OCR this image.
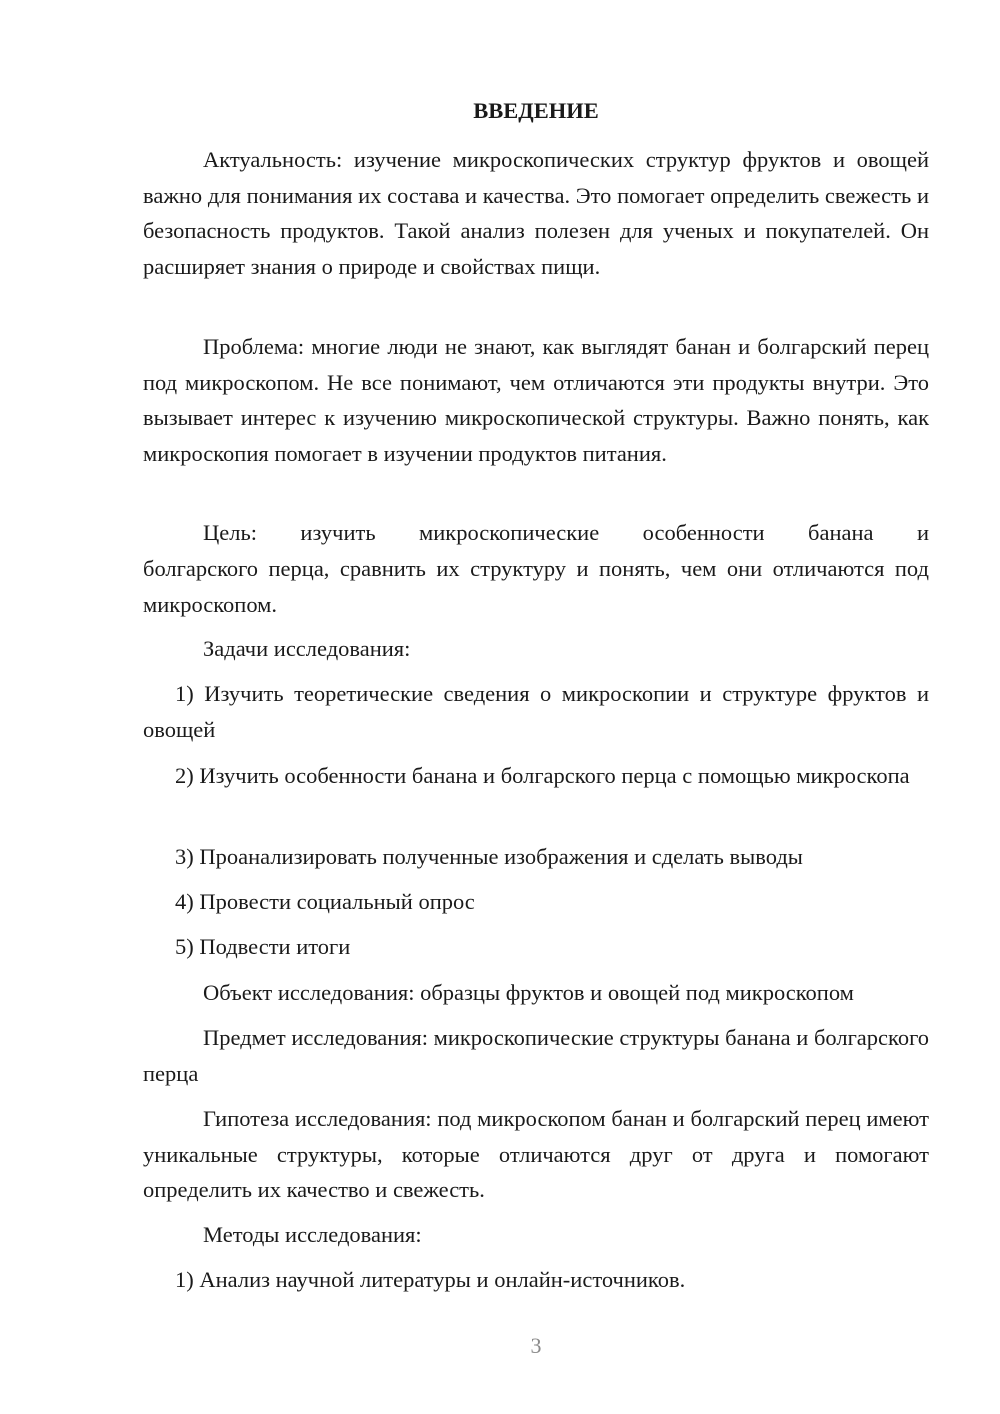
ВВЕДЕНИЕ

Актуальность: изучение микроскопических структур фруктов и овощей важно для понимания их состава и качества. Это помогает определить свежесть и безопасность продуктов. Такой анализ полезен для ученых и покупателей. Он расширяет знания о природе и свойствах пищи.

Проблема: многие люди не знают, как выглядят банан и болгарский перец под микроскопом. Не все понимают, чем отличаются эти продукты внутри. Это вызывает интерес к изучению микроскопической структуры. Важно понять, как микроскопия помогает в изучении продуктов питания.

Цель: изучить микроскопические особенности банана и

болгарского перца, сравнить их структуру и понять, чем они отличаются под микроскопом.

Задачи исследования:

1) Изучить теоретические сведения о микроскопии и структуре фруктов и овощей

2) Изучить особенности банана и болгарского перца с помощью микроскопа

3) Проанализировать полученные изображения и сделать выводы

4) Провести социальный опрос

5) Подвести итоги

Объект исследования: образцы фруктов и овощей под микроскопом

Предмет исследования: микроскопические структуры банана и болгарского перца

Гипотеза исследования: под микроскопом банан и болгарский перец имеют уникальные структуры, которые отличаются друг от друга и помогают определить их качество и свежесть.

Методы исследования:

1) Анализ научной литературы и онлайн-источников.

3
